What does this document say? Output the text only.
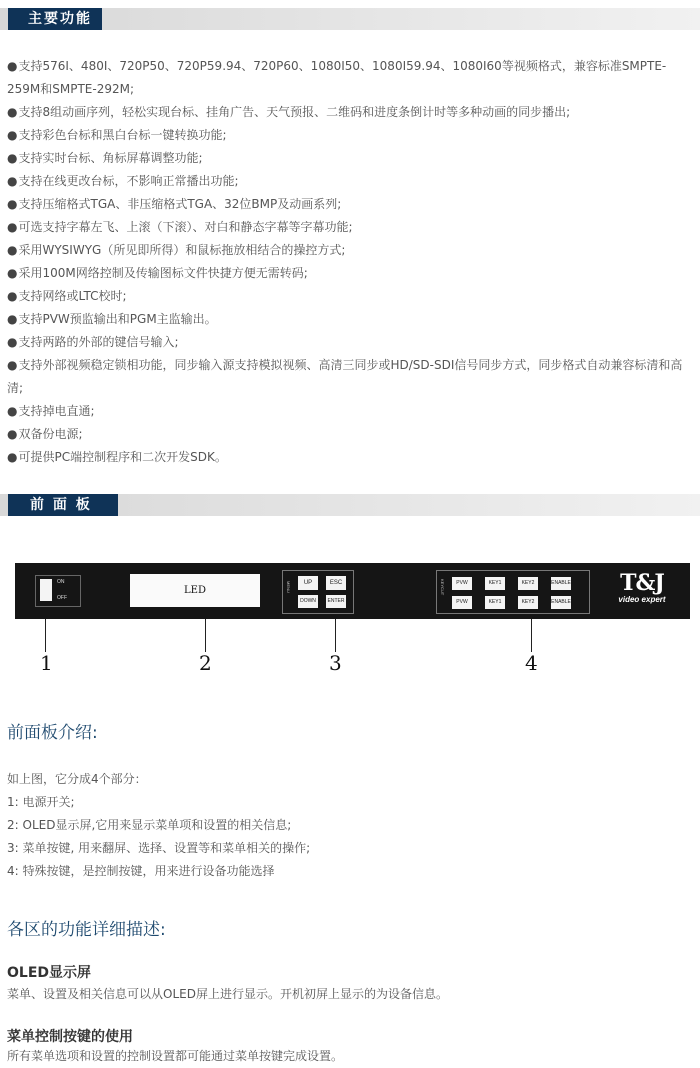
主要功能
●支持576I、480I、720P50、720P59.94、720P60、1080I50、1080I59.94、1080I60等视频格式，兼容标准SMPTE-259M和SMPTE-292M;
●支持8组动画序列，轻松实现台标、挂角广告、天气预报、二维码和进度条倒计时等多种动画的同步播出;
●支持彩色台标和黑白台标一键转换功能;
●支持实时台标、角标屏幕调整功能;
●支持在线更改台标，不影响正常播出功能;
●支持压缩格式TGA、非压缩格式TGA、32位BMP及动画系列;
●可选支持字幕左飞、上滚（下滚）、对白和静态字幕等字幕功能;
●采用WYSIWYG（所见即所得）和鼠标拖放相结合的操控方式;
●采用100M网络控制及传输图标文件快捷方便无需转码;
●支持网络或LTC校时;
●支持PVW预监输出和PGM主监输出。
●支持两路的外部的键信号输入;
●支持外部视频稳定锁相功能，同步输入源支持模拟视频、高清三同步或HD/SD-SDI信号同步方式，同步格式自动兼容标清和高清;
●支持掉电直通;
●双备份电源;
●可提供PC端控制程序和二次开发SDK。
前 面 板
ON
OFF
LED	MENU	UP	ESC
DOWN	ENTER
KEYCUT	PVW	KEY1	KEY2	ENABLE
PVW	KEY1	KEY2	ENABLE
T&J
video expert
1	2	3	4
前面板介绍:
如上图，它分成4个部分：
1: 电源开关;
2: OLED显示屏,它用来显示菜单项和设置的相关信息;
3: 菜单按键, 用来翻屏、选择、设置等和菜单相关的操作;
4: 特殊按键，是控制按键，用来进行设备功能选择
各区的功能详细描述:
OLED显示屏
菜单、设置及相关信息可以从OLED屏上进行显示。开机初屏上显示的为设备信息。
菜单控制按键的使用
所有菜单选项和设置的控制设置都可能通过菜单按键完成设置。
